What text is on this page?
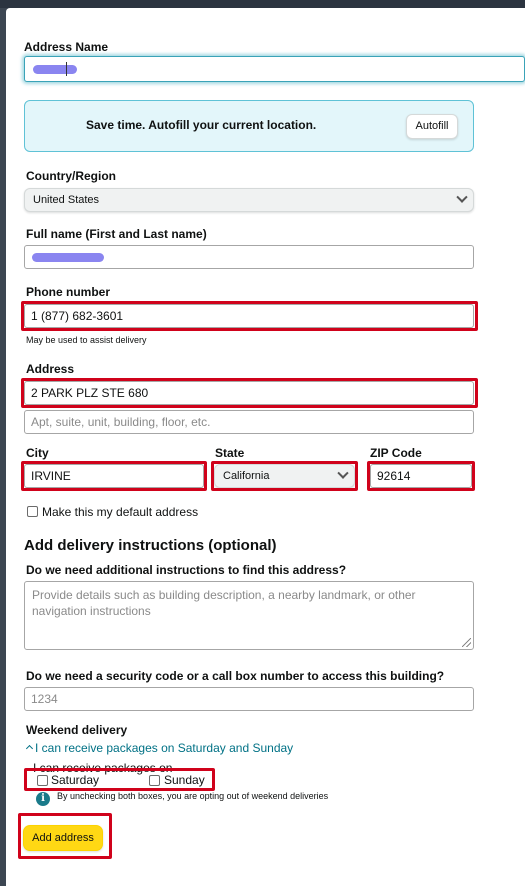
Address Name
Save time. Autofill your current location.	Autofill
Country/Region
United States
Full name (First and Last name)
Phone number
1 (877) 682-3601
May be used to assist delivery
Address
2 PARK PLZ STE 680
Apt, suite, unit, building, floor, etc.
City
IRVINE
State
California
ZIP Code
92614
Make this my default address
Add delivery instructions (optional)
Do we need additional instructions to find this address?
Provide details such as building description, a nearby landmark, or other navigation instructions
Do we need a security code or a call box number to access this building?
1234
Weekend delivery
I can receive packages on Saturday and Sunday
I can receive packages on
Saturday	Sunday
i	By unchecking both boxes, you are opting out of weekend deliveries
Add address
